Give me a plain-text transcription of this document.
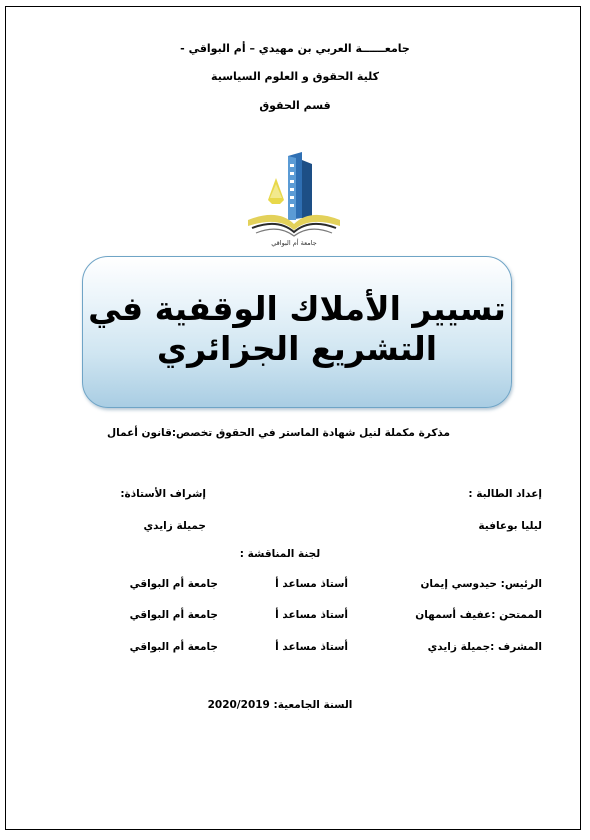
جامعــــــة العربي بن مهيدي – أم البواقي -
كلية الحقوق و العلوم السياسية
قسم الحقوق
جامعة أم البواقي
تسيير الأملاك الوقفية في
التشريع الجزائري
مذكرة مكملة لنيل شهادة الماستر في الحقوق تخصص:قانون أعمال
إعداد الطالبة :
إشراف الأستاذة:
ليليا بوعافية
جميلة زايدي
لجنة المناقشة :
الرئيس: حيدوسي إيمان
أستاذ مساعد أ
جامعة أم البواقي
الممتحن :عفيف أسمهان
أستاذ مساعد أ
جامعة أم البواقي
المشرف :جميلة زايدي
أستاذ مساعد أ
جامعة أم البواقي
السنة الجامعية: 2020/2019
